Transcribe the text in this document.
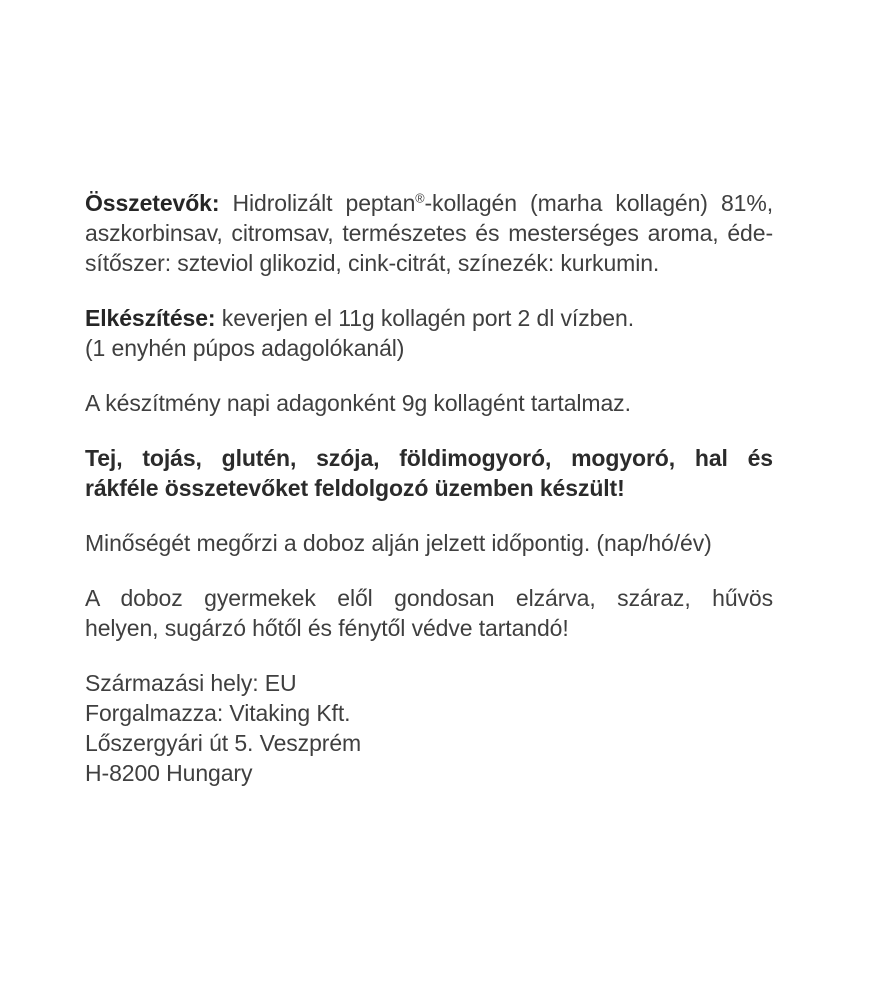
Összetevők: Hidrolizált peptan®-kollagén (marha kollagén) 81%,
aszkorbinsav, citromsav, természetes és mesterséges aroma, éde-
sítőszer: szteviol glikozid, cink-citrát, színezék: kurkumin.
Elkészítése: keverjen el 11g kollagén port 2 dl vízben.
(1 enyhén púpos adagolókanál)
A készítmény napi adagonként 9g kollagént tartalmaz.
Tej, tojás, glutén, szója, földimogyoró, mogyoró, hal és
rákféle összetevőket feldolgozó üzemben készült!
Minőségét megőrzi a doboz alján jelzett időpontig. (nap/hó/év)
A doboz gyermekek elől gondosan elzárva, száraz, hűvös
helyen, sugárzó hőtől és fénytől védve tartandó!
Származási hely: EU
Forgalmazza: Vitaking Kft.
Lőszergyári út 5. Veszprém
H-8200 Hungary
